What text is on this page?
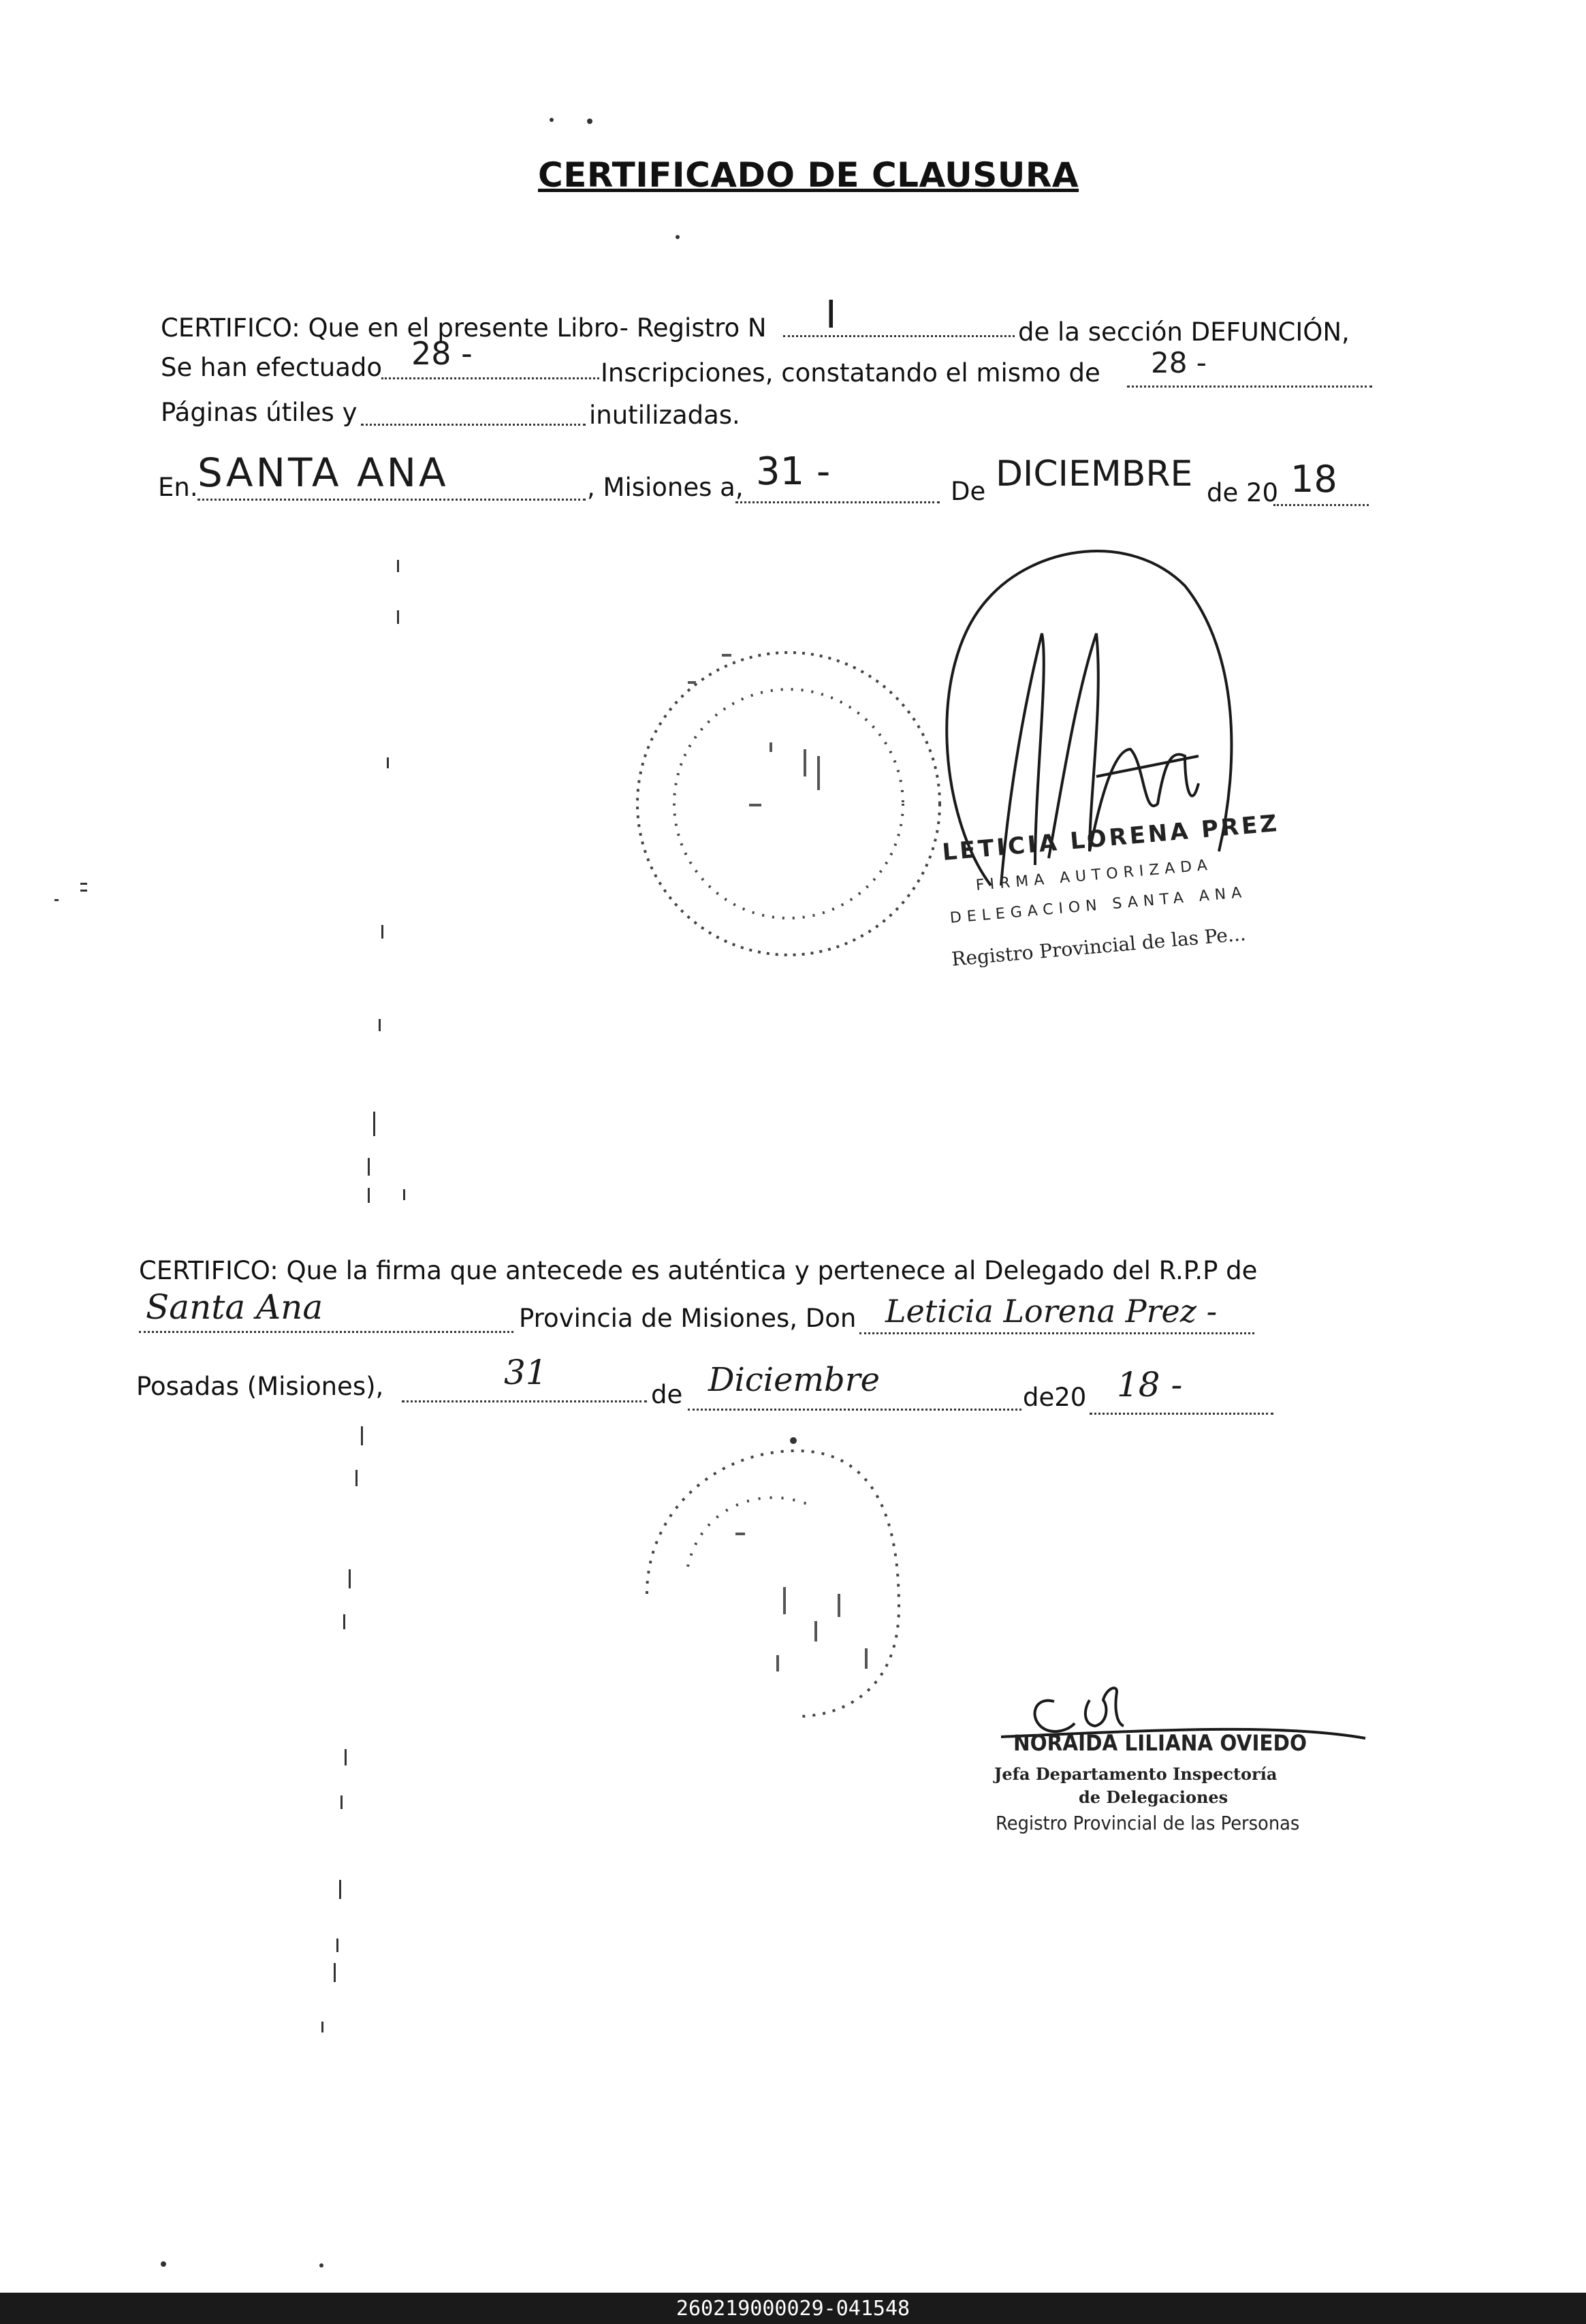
CERTIFICADO DE CLAUSURA
CERTIFICO: Que en el presente Libro- Registro N I	de la sección DEFUNCIÓN,
Se han efectuado 28 -
Inscripciones, constatando el mismo de 28 -
Páginas útiles y	inutilizadas.
En. SANTA ANA	, Misiones a, 31 -	De DICIEMBRE de 20 18
LETICIA LORENA PREZ
FIRMA AUTORIZADA
DELEGACION SANTA ANA
Registro Provincial de las Pe...
CERTIFICO: Que la firma que antecede es auténtica y pertenece al Delegado del R.P.P de
Santa Ana	Provincia de Misiones, Don Leticia Lorena Prez -
Posadas (Misiones),	31
de Diciembre	de20 18 -
NORAIDA LILIANA OVIEDO
Jefa Departamento Inspectoría
de Delegaciones
Registro Provincial de las Personas
260219000029-041548
